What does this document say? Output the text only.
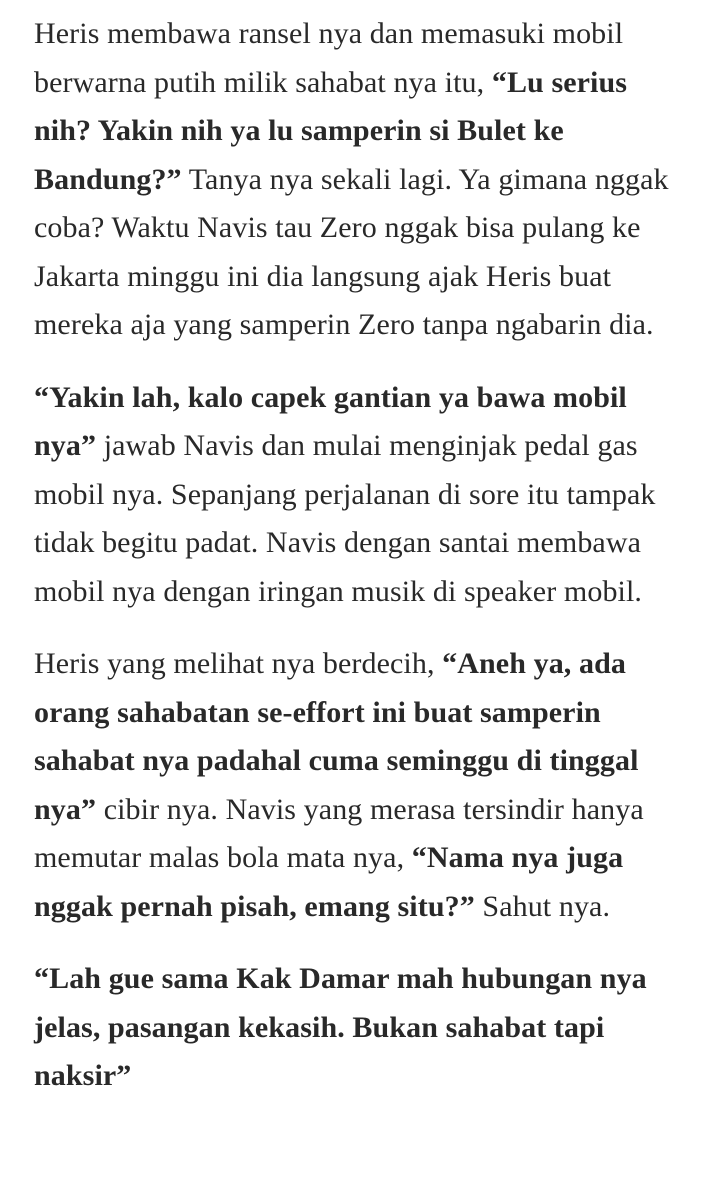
Heris membawa ransel nya dan memasuki mobil berwarna putih milik sahabat nya itu, “Lu serius nih? Yakin nih ya lu samperin si Bulet ke Bandung?” Tanya nya sekali lagi. Ya gimana nggak coba? Waktu Navis tau Zero nggak bisa pulang ke Jakarta minggu ini dia langsung ajak Heris buat mereka aja yang samperin Zero tanpa ngabarin dia.

“Yakin lah, kalo capek gantian ya bawa mobil nya” jawab Navis dan mulai menginjak pedal gas mobil nya. Sepanjang perjalanan di sore itu tampak tidak begitu padat. Navis dengan santai membawa mobil nya dengan iringan musik di speaker mobil.

Heris yang melihat nya berdecih, “Aneh ya, ada orang sahabatan se-effort ini buat samperin sahabat nya padahal cuma seminggu di tinggal nya” cibir nya. Navis yang merasa tersindir hanya memutar malas bola mata nya, “Nama nya juga nggak pernah pisah, emang situ?” Sahut nya.

“Lah gue sama Kak Damar mah hubungan nya jelas, pasangan kekasih. Bukan sahabat tapi naksir”
